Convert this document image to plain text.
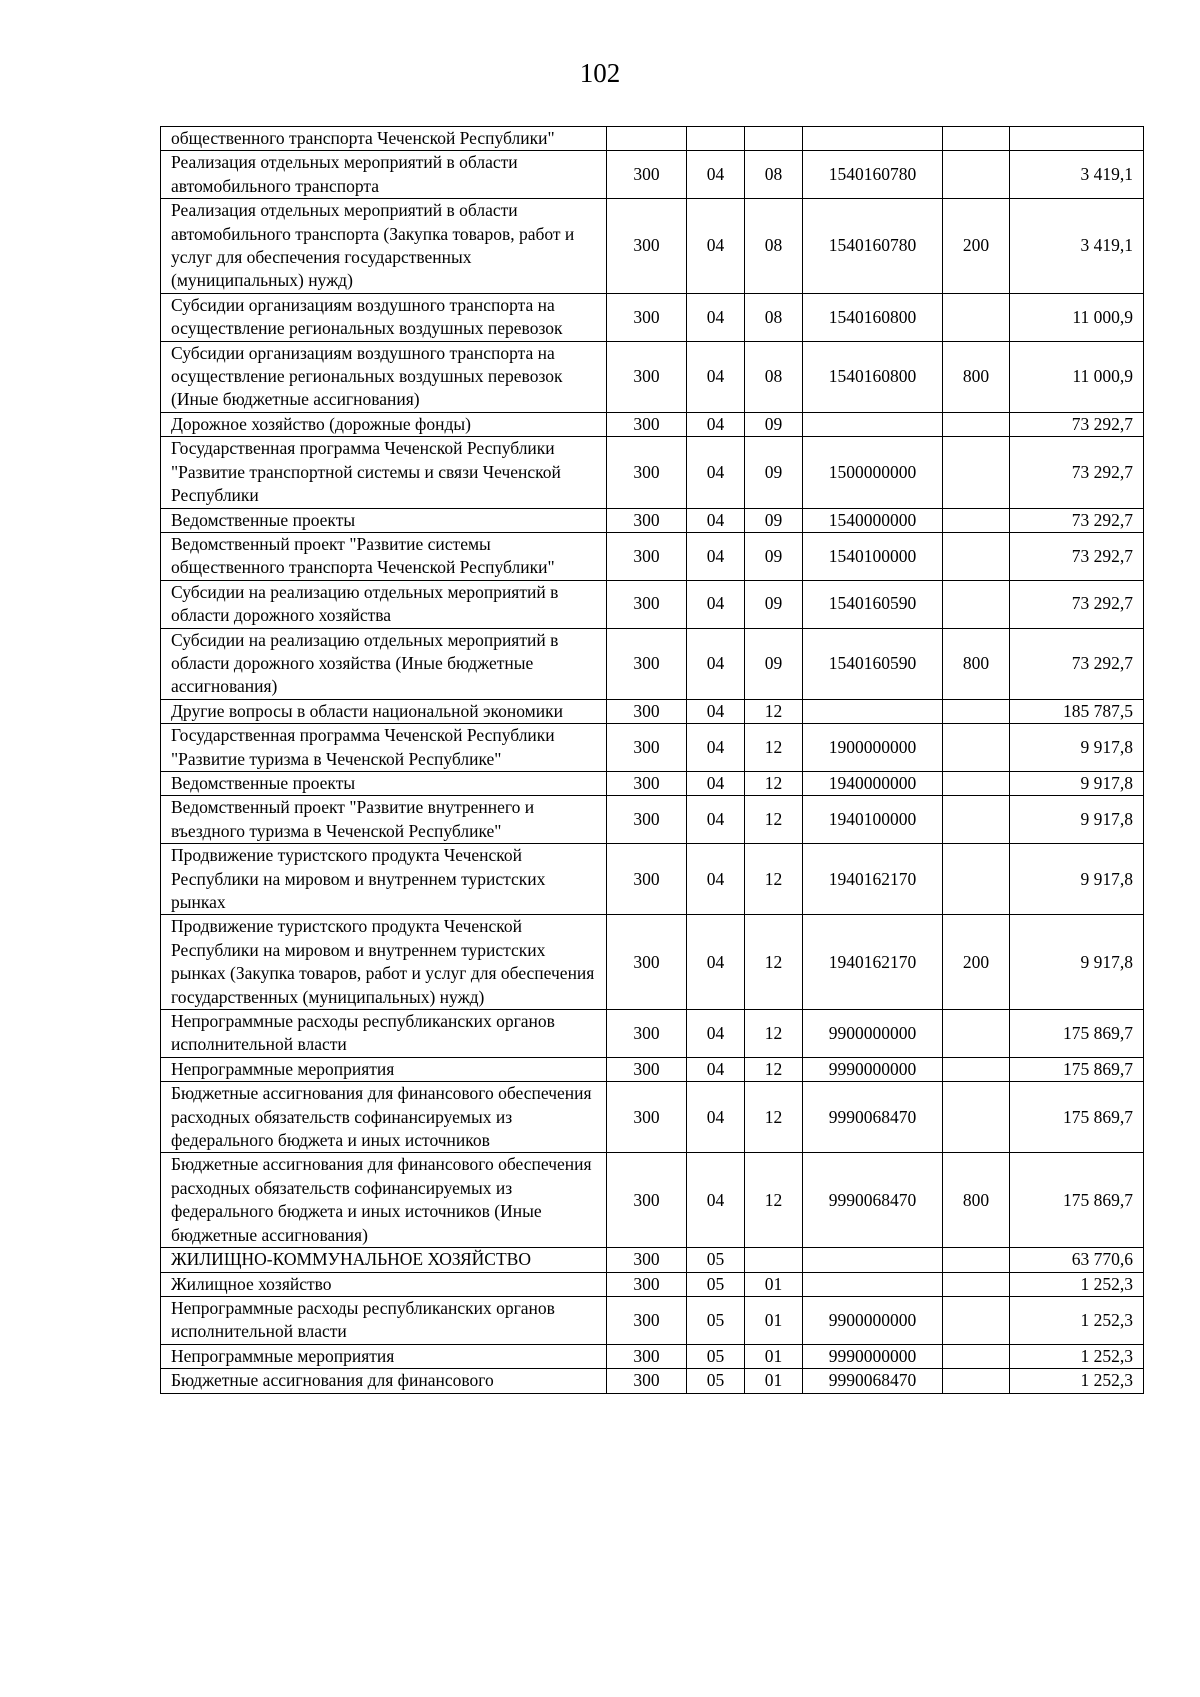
102
общественного транспорта Чеченской Республики"						
Реализация отдельных мероприятий в области автомобильного транспорта	300	04	08	1540160780		3 419,1
Реализация отдельных мероприятий в области автомобильного транспорта (Закупка товаров, работ и услуг для обеспечения государственных (муниципальных) нужд)	300	04	08	1540160780	200	3 419,1
Субсидии организациям воздушного транспорта на осуществление региональных воздушных перевозок	300	04	08	1540160800		11 000,9
Субсидии организациям воздушного транспорта на осуществление региональных воздушных перевозок (Иные бюджетные ассигнования)	300	04	08	1540160800	800	11 000,9
Дорожное хозяйство (дорожные фонды)	300	04	09			73 292,7
Государственная программа Чеченской Республики "Развитие транспортной системы и связи Чеченской Республики	300	04	09	1500000000		73 292,7
Ведомственные проекты	300	04	09	1540000000		73 292,7
Ведомственный проект "Развитие системы общественного транспорта Чеченской Республики"	300	04	09	1540100000		73 292,7
Субсидии на реализацию отдельных мероприятий в области дорожного хозяйства	300	04	09	1540160590		73 292,7
Субсидии на реализацию отдельных мероприятий в области дорожного хозяйства (Иные бюджетные ассигнования)	300	04	09	1540160590	800	73 292,7
Другие вопросы в области национальной экономики	300	04	12			185 787,5
Государственная программа Чеченской Республики "Развитие туризма в Чеченской Республике"	300	04	12	1900000000		9 917,8
Ведомственные проекты	300	04	12	1940000000		9 917,8
Ведомственный проект "Развитие внутреннего и въездного туризма в Чеченской Республике"	300	04	12	1940100000		9 917,8
Продвижение туристского продукта Чеченской Республики на мировом и внутреннем туристских рынках	300	04	12	1940162170		9 917,8
Продвижение туристского продукта Чеченской Республики на мировом и внутреннем туристских рынках (Закупка товаров, работ и услуг для обеспечения государственных (муниципальных) нужд)	300	04	12	1940162170	200	9 917,8
Непрограммные расходы республиканских органов исполнительной власти	300	04	12	9900000000		175 869,7
Непрограммные мероприятия	300	04	12	9990000000		175 869,7
Бюджетные ассигнования для финансового обеспечения расходных обязательств софинансируемых из федерального бюджета и иных источников	300	04	12	9990068470		175 869,7
Бюджетные ассигнования для финансового обеспечения расходных обязательств софинансируемых из федерального бюджета и иных источников (Иные бюджетные ассигнования)	300	04	12	9990068470	800	175 869,7
ЖИЛИЩНО-КОММУНАЛЬНОЕ ХОЗЯЙСТВО	300	05				63 770,6
Жилищное хозяйство	300	05	01			1 252,3
Непрограммные расходы республиканских органов исполнительной власти	300	05	01	9900000000		1 252,3
Непрограммные мероприятия	300	05	01	9990000000		1 252,3
Бюджетные ассигнования для финансового	300	05	01	9990068470		1 252,3
